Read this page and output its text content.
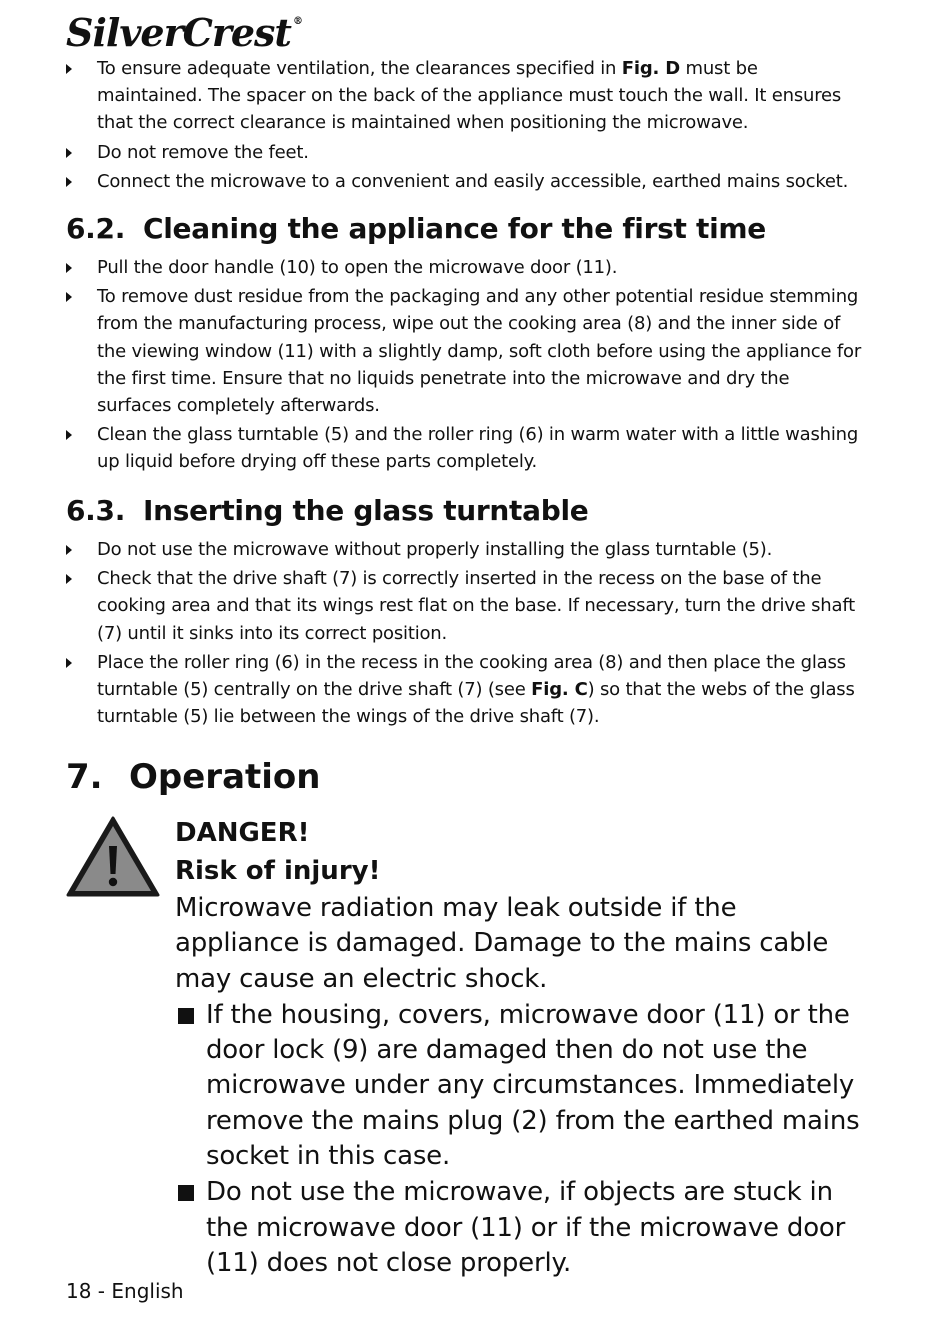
SilverCrest ®
To ensure adequate ventilation, the clearances specified in Fig. D must be maintained. The spacer on the back of the appliance must touch the wall. It ensures that the correct clearance is maintained when positioning the microwave.
Do not remove the feet.
Connect the microwave to a convenient and easily accessible, earthed mains socket.
6.2. Cleaning the appliance for the first time
Pull the door handle (10) to open the microwave door (11).
To remove dust residue from the packaging and any other potential residue stemming from the manufacturing process, wipe out the cooking area (8) and the inner side of the viewing window (11) with a slightly damp, soft cloth before using the appliance for the first time. Ensure that no liquids penetrate into the microwave and dry the surfaces completely afterwards.
Clean the glass turntable (5) and the roller ring (6) in warm water with a little washing up liquid before drying off these parts completely.
6.3. Inserting the glass turntable
Do not use the microwave without properly installing the glass turntable (5).
Check that the drive shaft (7) is correctly inserted in the recess on the base of the cooking area and that its wings rest flat on the base. If necessary, turn the drive shaft (7) until it sinks into its correct position.
Place the roller ring (6) in the recess in the cooking area (8) and then place the glass turntable (5) centrally on the drive shaft (7) (see Fig. C) so that the webs of the glass turntable (5) lie between the wings of the drive shaft (7).
7. Operation
DANGER!
Risk of injury!
Microwave radiation may leak outside if the appliance is damaged. Damage to the mains cable may cause an electric shock.
If the housing, covers, microwave door (11) or the door lock (9) are damaged then do not use the microwave under any circumstances. Immediately remove the mains plug (2) from the earthed mains socket in this case.
Do not use the microwave, if objects are stuck in the microwave door (11) or if the microwave door (11) does not close properly.
18 - English
